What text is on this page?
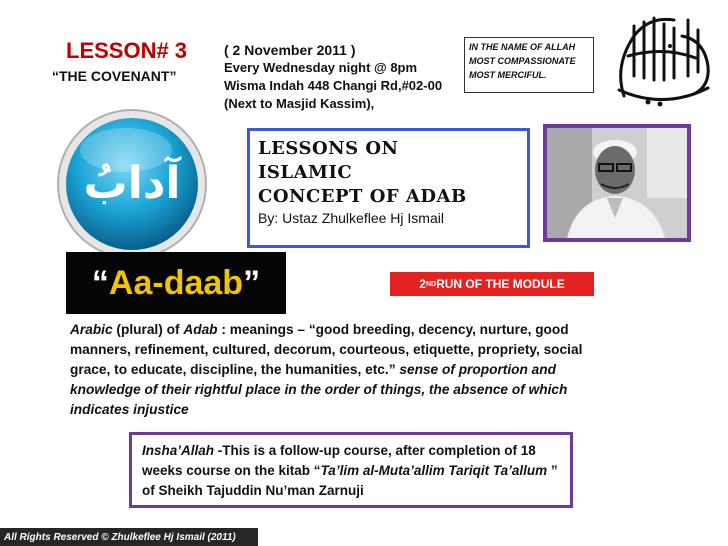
LESSON# 3
“THE COVENANT”
( 2 November 2011 )
Every Wednesday night @ 8pm
Wisma Indah 448 Changi Rd,#02-00
(Next to Masjid Kassim),
IN THE NAME OF ALLAH
MOST COMPASSIONATE
MOST MERCIFUL.
آدابُ
LESSONS ON
ISLAMIC
CONCEPT OF ADAB
By: Ustaz Zhulkeflee Hj Ismail
“ Aa-daab ”	2 ND RUN OF THE MODULE
Arabic (plural) of Adab : meanings – “good breeding, decency, nurture, good manners, refinement, cultured, decorum, courteous, etiquette, propriety, social grace, to educate, discipline, the humanities, etc.” sense of proportion and knowledge of their rightful place in the order of things, the absence of which indicates injustice
Insha’Allah -This is a follow-up course, after completion of 18 weeks course on the kitab “Ta’lim al-Muta’allim Tariqit Ta’allum ” of Sheikh Tajuddin Nu’man Zarnuji
All Rights Reserved © Zhulkeflee Hj Ismail (2011)
